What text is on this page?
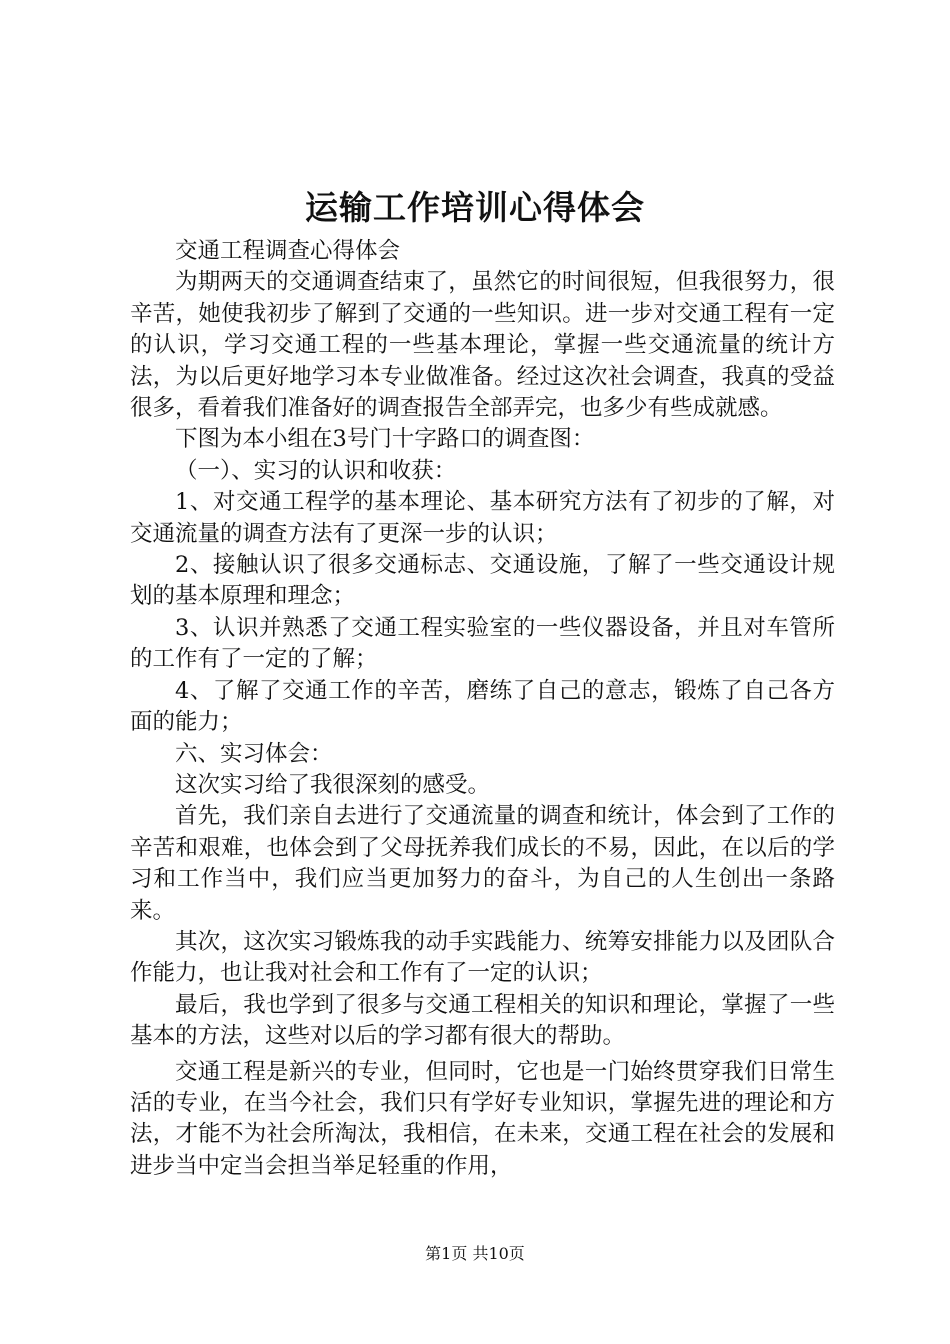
运输工作培训心得体会

交通工程调查心得体会

为期两天的交通调查结束了，虽然它的时间很短，但我很努力，很辛苦，她使我初步了解到了交通的一些知识。进一步对交通工程有一定的认识，学习交通工程的一些基本理论，掌握一些交通流量的统计方法，为以后更好地学习本专业做准备。经过这次社会调查，我真的受益很多，看着我们准备好的调查报告全部弄完，也多少有些成就感。

下图为本小组在3号门十字路口的调查图：

（一）、实习的认识和收获：

1、对交通工程学的基本理论、基本研究方法有了初步的了解，对交通流量的调查方法有了更深一步的认识；

2、接触认识了很多交通标志、交通设施，了解了一些交通设计规划的基本原理和理念；

3、认识并熟悉了交通工程实验室的一些仪器设备，并且对车管所的工作有了一定的了解；

4、了解了交通工作的辛苦，磨练了自己的意志，锻炼了自己各方面的能力；

六、实习体会：

这次实习给了我很深刻的感受。

首先，我们亲自去进行了交通流量的调查和统计，体会到了工作的辛苦和艰难，也体会到了父母抚养我们成长的不易，因此，在以后的学习和工作当中，我们应当更加努力的奋斗，为自己的人生创出一条路来。

其次，这次实习锻炼我的动手实践能力、统筹安排能力以及团队合作能力，也让我对社会和工作有了一定的认识；

最后，我也学到了很多与交通工程相关的知识和理论，掌握了一些基本的方法，这些对以后的学习都有很大的帮助。

交通工程是新兴的专业，但同时，它也是一门始终贯穿我们日常生活的专业，在当今社会，我们只有学好专业知识，掌握先进的理论和方法，才能不为社会所淘汰，我相信，在未来，交通工程在社会的发展和进步当中定当会担当举足轻重的作用，

第1页 共10页
